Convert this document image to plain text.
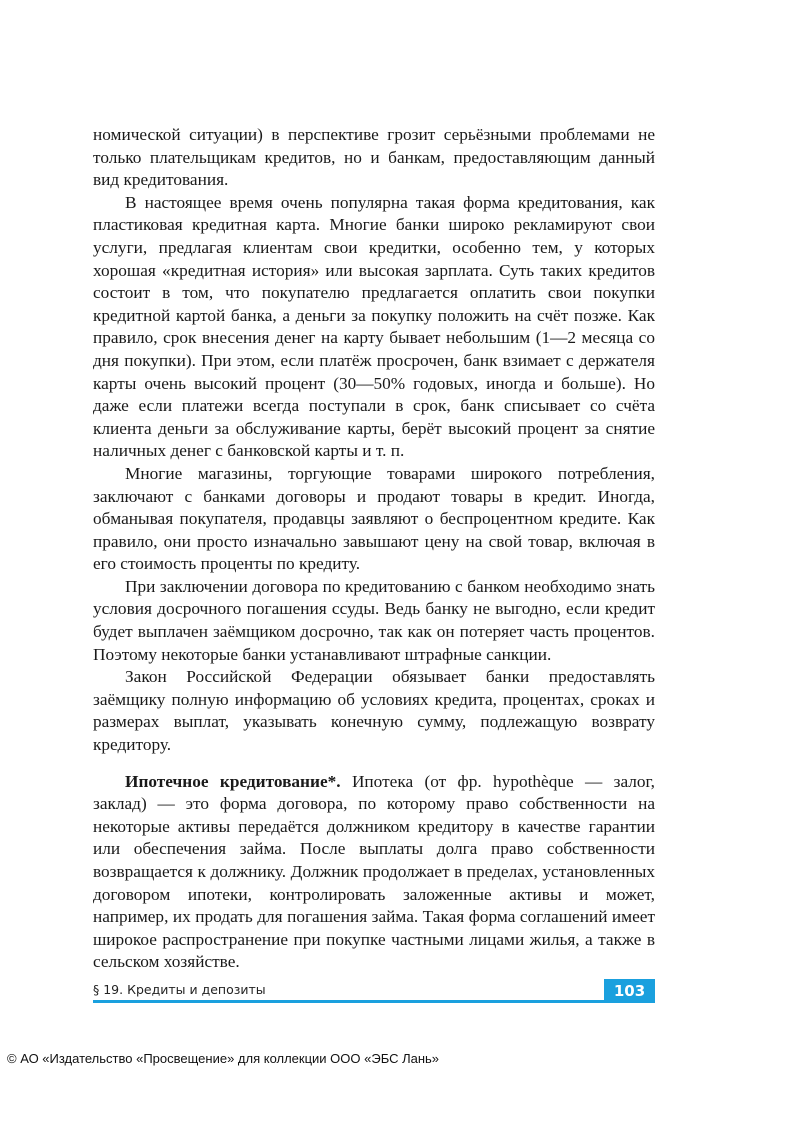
номической ситуации) в перспективе грозит серьёзными проблемами не только плательщикам кредитов, но и банкам, предоставляющим данный вид кредитования.

В настоящее время очень популярна такая форма кредитования, как пластиковая кредитная карта. Многие банки широко рекламируют свои услуги, предлагая клиентам свои кредитки, особенно тем, у которых хорошая «кредитная история» или высокая зарплата. Суть таких кредитов состоит в том, что покупателю предлагается оплатить свои покупки кредитной картой банка, а деньги за покупку положить на счёт позже. Как правило, срок внесения денег на карту бывает небольшим (1—2 месяца со дня покупки). При этом, если платёж просрочен, банк взимает с держателя карты очень высокий процент (30—50% годовых, иногда и больше). Но даже если платежи всегда поступали в срок, банк списывает со счёта клиента деньги за обслуживание карты, берёт высокий процент за снятие наличных денег с банковской карты и т. п.

Многие магазины, торгующие товарами широкого потребления, заключают с банками договоры и продают товары в кредит. Иногда, обманывая покупателя, продавцы заявляют о беспроцентном кредите. Как правило, они просто изначально завышают цену на свой товар, включая в его стоимость проценты по кредиту.

При заключении договора по кредитованию с банком необходимо знать условия досрочного погашения ссуды. Ведь банку не выгодно, если кредит будет выплачен заёмщиком досрочно, так как он потеряет часть процентов. Поэтому некоторые банки устанавливают штрафные санкции.

Закон Российской Федерации обязывает банки предоставлять заёмщику полную информацию об условиях кредита, процентах, сроках и размерах выплат, указывать конечную сумму, подлежащую возврату кредитору.

Ипотечное кредитование*. Ипотека (от фр. hypothèque — залог, заклад) — это форма договора, по которому право собственности на некоторые активы передаётся должником кредитору в качестве гарантии или обеспечения займа. После выплаты долга право собственности возвращается к должнику. Должник продолжает в пределах, установленных договором ипотеки, контролировать заложенные активы и может, например, их продать для погашения займа. Такая форма соглашений имеет широкое распространение при покупке частными лицами жилья, а также в сельском хозяйстве.

§ 19. Кредиты и депозиты	103
© АО «Издательство «Просвещение» для коллекции ООО «ЭБС Лань»
